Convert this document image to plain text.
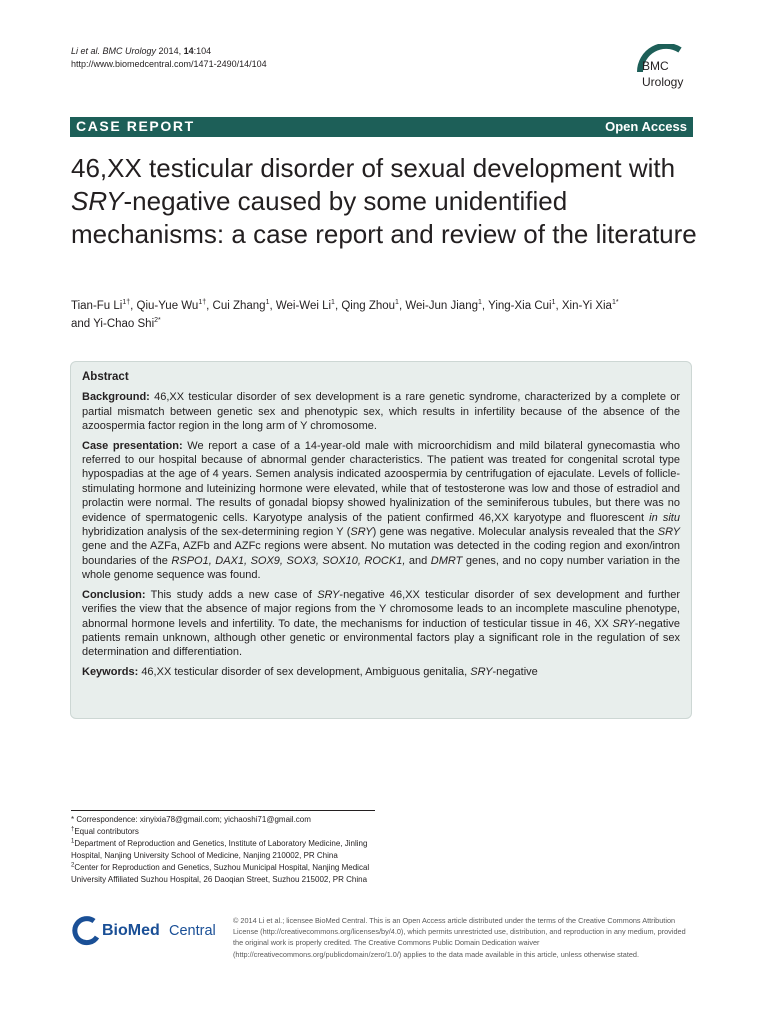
Li et al. BMC Urology 2014, 14:104
http://www.biomedcentral.com/1471-2490/14/104	BMC
Urology
CASE REPORT	Open Access
46,XX testicular disorder of sexual development with SRY-negative caused by some unidentified mechanisms: a case report and review of the literature
Tian-Fu $Li^{1\dagger}$, Qiu-Yue $Wu^{1\dagger}$, Cui Zhang$^1$, Wei-Wei Li$^1$, Qing Zhou$^1$, Wei-Jun Jiang$^1$, Ying-Xia Cui$^1$, Xin-Yi Xia$^{1*}$
and Yi-Chao Shi$^{2*}$
Abstract

Background: 46,XX testicular disorder of sex development is a rare genetic syndrome, characterized by a complete or partial mismatch between genetic sex and phenotypic sex, which results in infertility because of the absence of the azoospermia factor region in the long arm of Y chromosome.

Case presentation: We report a case of a 14-year-old male with microorchidism and mild bilateral gynecomastia who referred to our hospital because of abnormal gender characteristics. The patient was treated for congenital scrotal type hypospadias at the age of 4 years. Semen analysis indicated azoospermia by centrifugation of ejaculate. Levels of follicle-stimulating hormone and luteinizing hormone were elevated, while that of testosterone was low and those of estradiol and prolactin were normal. The results of gonadal biopsy showed hyalinization of the seminiferous tubules, but there was no evidence of spermatogenic cells. Karyotype analysis of the patient confirmed 46,XX karyotype and fluorescent in situ hybridization analysis of the sex-determining region Y (SRY) gene was negative. Molecular analysis revealed that the SRY gene and the AZFa, AZFb and AZFc regions were absent. No mutation was detected in the coding region and exon/intron boundaries of the RSPO1, DAX1, SOX9, SOX3, SOX10, ROCK1, and DMRT genes, and no copy number variation in the whole genome sequence was found.

Conclusion: This study adds a new case of SRY-negative 46,XX testicular disorder of sex development and further verifies the view that the absence of major regions from the Y chromosome leads to an incomplete masculine phenotype, abnormal hormone levels and infertility. To date, the mechanisms for induction of testicular tissue in 46, XX SRY-negative patients remain unknown, although other genetic or environmental factors play a significant role in the regulation of sex determination and differentiation.

Keywords: 46,XX testicular disorder of sex development, Ambiguous genitalia, SRY-negative

* Correspondence: xinyixia78@gmail.com; yichaoshi71@gmail.com

†Equal contributors

$^1$Department of Reproduction and Genetics, Institute of Laboratory Medicine, Jinling Hospital, Nanjing University School of Medicine, Nanjing 210002, PR China

$^2$Center for Reproduction and Genetics, Suzhou Municipal Hospital, Nanjing Medical University Affiliated Suzhou Hospital, 26 Daoqian Street, Suzhou 215002, PR China

BioMed Central
© 2014 Li et al.; licensee BioMed Central. This is an Open Access article distributed under the terms of the Creative Commons Attribution License (http://creativecommons.org/licenses/by/4.0), which permits unrestricted use, distribution, and reproduction in any medium, provided the original work is properly credited. The Creative Commons Public Domain Dedication waiver (http://creativecommons.org/publicdomain/zero/1.0/) applies to the data made available in this article, unless otherwise stated.
